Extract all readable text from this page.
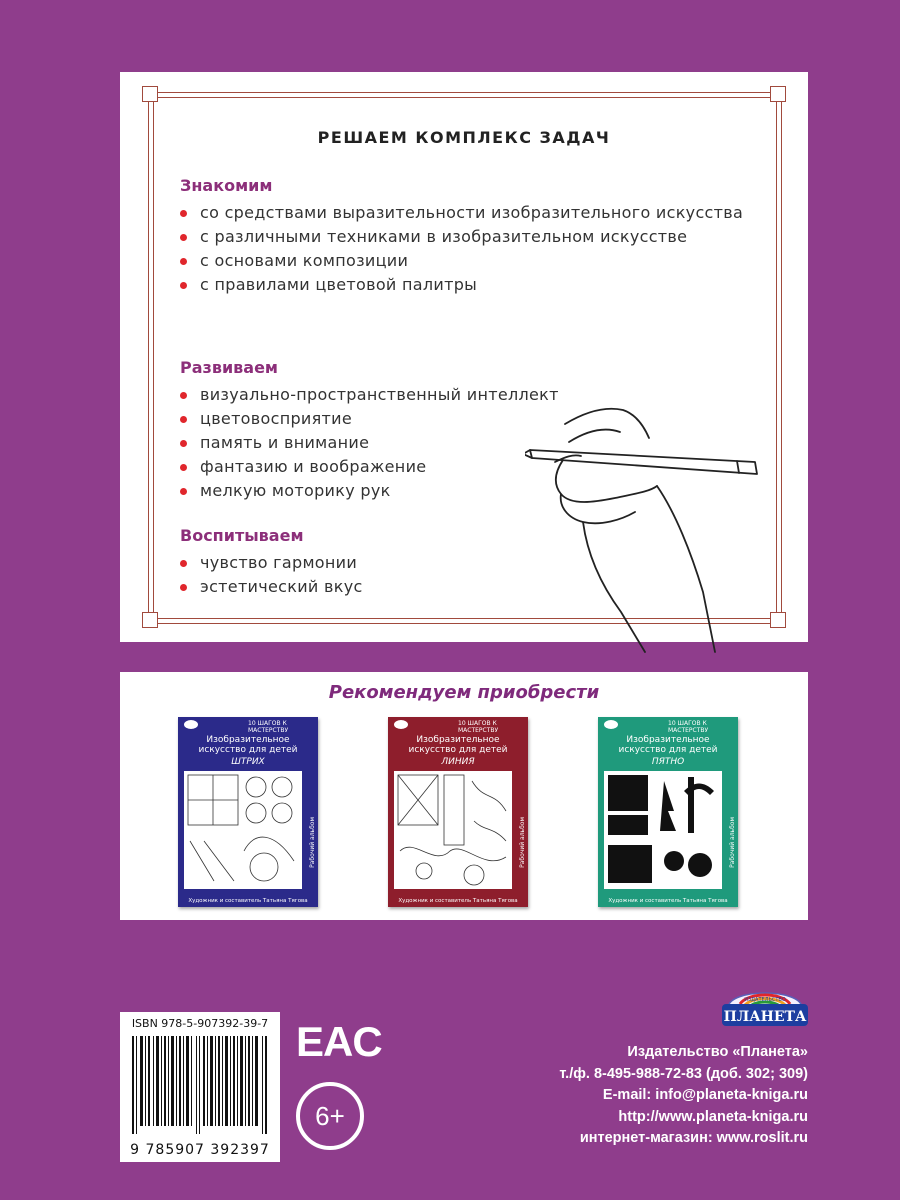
РЕШАЕМ КОМПЛЕКС ЗАДАЧ
Знакомим
со средствами выразительности изобразительного искусства
с различными техниками в изобразительном искусстве
с основами композиции
с правилами цветовой палитры
Развиваем
визуально-пространственный интеллект
цветовосприятие
память и внимание
фантазию и воображение
мелкую моторику рук
Воспитываем
чувство гармонии
эстетический вкус
Рекомендуем приобрести
10 ШАГОВ К МАСТЕРСТВУ
Изобразительное искусство для детей
ШТРИХ
Рабочий альбом
Художник и составитель Татьяна Тягова
10 ШАГОВ К МАСТЕРСТВУ
Изобразительное искусство для детей
ЛИНИЯ
Рабочий альбом
Художник и составитель Татьяна Тягова
10 ШАГОВ К МАСТЕРСТВУ
Изобразительное искусство для детей
ПЯТНО
Рабочий альбом
Художник и составитель Татьяна Тягова
ISBN 978-5-907392-39-7
9 785907 392397
EAC
6+
ИЗДАТЕЛЬСТВО
ПЛАНЕТА
Издательство «Планета»
т./ф. 8-495-988-72-83 (доб. 302; 309)
E-mail: info@planeta-kniga.ru
http://www.planeta-kniga.ru
интернет-магазин: www.roslit.ru
